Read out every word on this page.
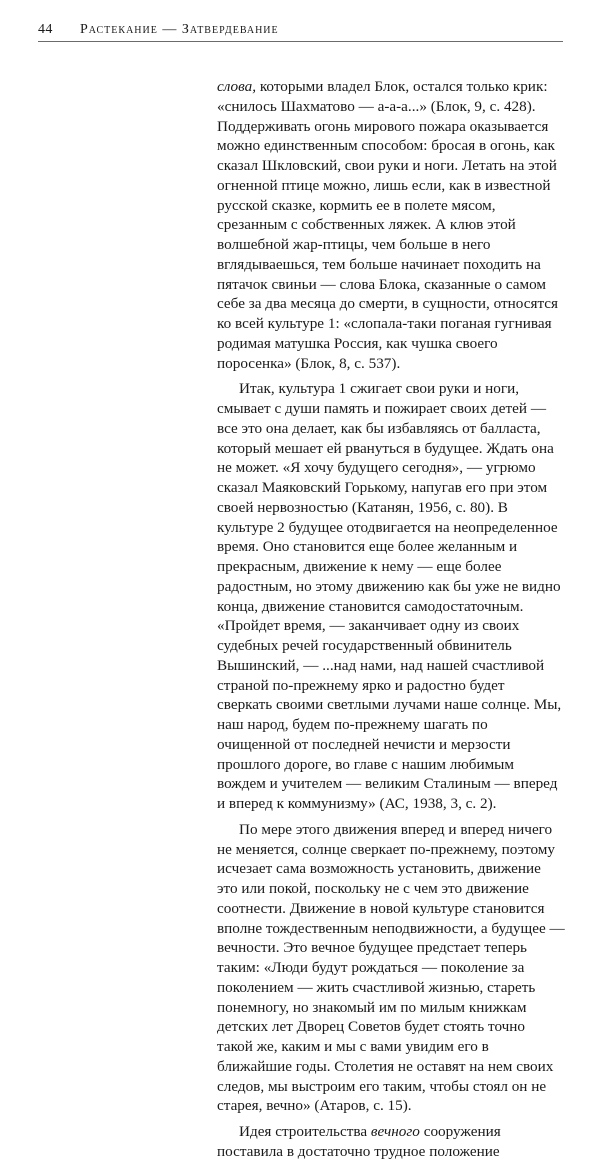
44 Растекание — Затвердевание
слова, которыми владел Блок, остался только крик:
«снилось Шахматово — а-а-а...» (Блок, 9, с. 428).
Поддерживать огонь мирового пожара оказывается
можно единственным способом: бросая в огонь, как
сказал Шкловский, свои руки и ноги. Летать на этой
огненной птице можно, лишь если, как в известной
русской сказке, кормить ее в полете мясом,
срезанным с собственных ляжек. А клюв этой
волшебной жар-птицы, чем больше в него
вглядываешься, тем больше начинает походить на
пятачок свиньи — слова Блока, сказанные о самом
себе за два месяца до смерти, в сущности, относятся
ко всей культуре 1: «слопала-таки поганая гугнивая
родимая матушка Россия, как чушка своего
поросенка» (Блок, 8, с. 537).
Итак, культура 1 сжигает свои руки и ноги,
смывает с души память и пожирает своих детей —
все это она делает, как бы избавляясь от балласта,
который мешает ей рвануться в будущее. Ждать она
не может. «Я хочу будущего сегодня», — угрюмо
сказал Маяковский Горькому, напугав его при этом
своей нервозностью (Катанян, 1956, с. 80). В
культуре 2 будущее отодвигается на неопределенное
время. Оно становится еще более желанным и
прекрасным, движение к нему — еще более
радостным, но этому движению как бы уже не видно
конца, движение становится самодостаточным.
«Пройдет время, — заканчивает одну из своих
судебных речей государственный обвинитель
Вышинский, — ...над нами, над нашей счастливой
страной по-прежнему ярко и радостно будет
сверкать своими светлыми лучами наше солнце. Мы,
наш народ, будем по-прежнему шагать по
очищенной от последней нечисти и мерзости
прошлого дороге, во главе с нашим любимым
вождем и учителем — великим Сталиным — вперед
и вперед к коммунизму» (АС, 1938, 3, с. 2).
По мере этого движения вперед и вперед ничего
не меняется, солнце сверкает по-прежнему, поэтому
исчезает сама возможность установить, движение
это или покой, поскольку не с чем это движение
соотнести. Движение в новой культуре становится
вполне тождественным неподвижности, а будущее —
вечности. Это вечное будущее предстает теперь
таким: «Люди будут рождаться — поколение за
поколением — жить счастливой жизнью, стареть
понемногу, но знакомый им по милым книжкам
детских лет Дворец Советов будет стоять точно
такой же, каким и мы с вами увидим его в
ближайшие годы. Столетия не оставят на нем своих
следов, мы выстроим его таким, чтобы стоял он не
старея, вечно» (Атаров, с. 15).
Идея строительства вечного сооружения
поставила в достаточно трудное положение
